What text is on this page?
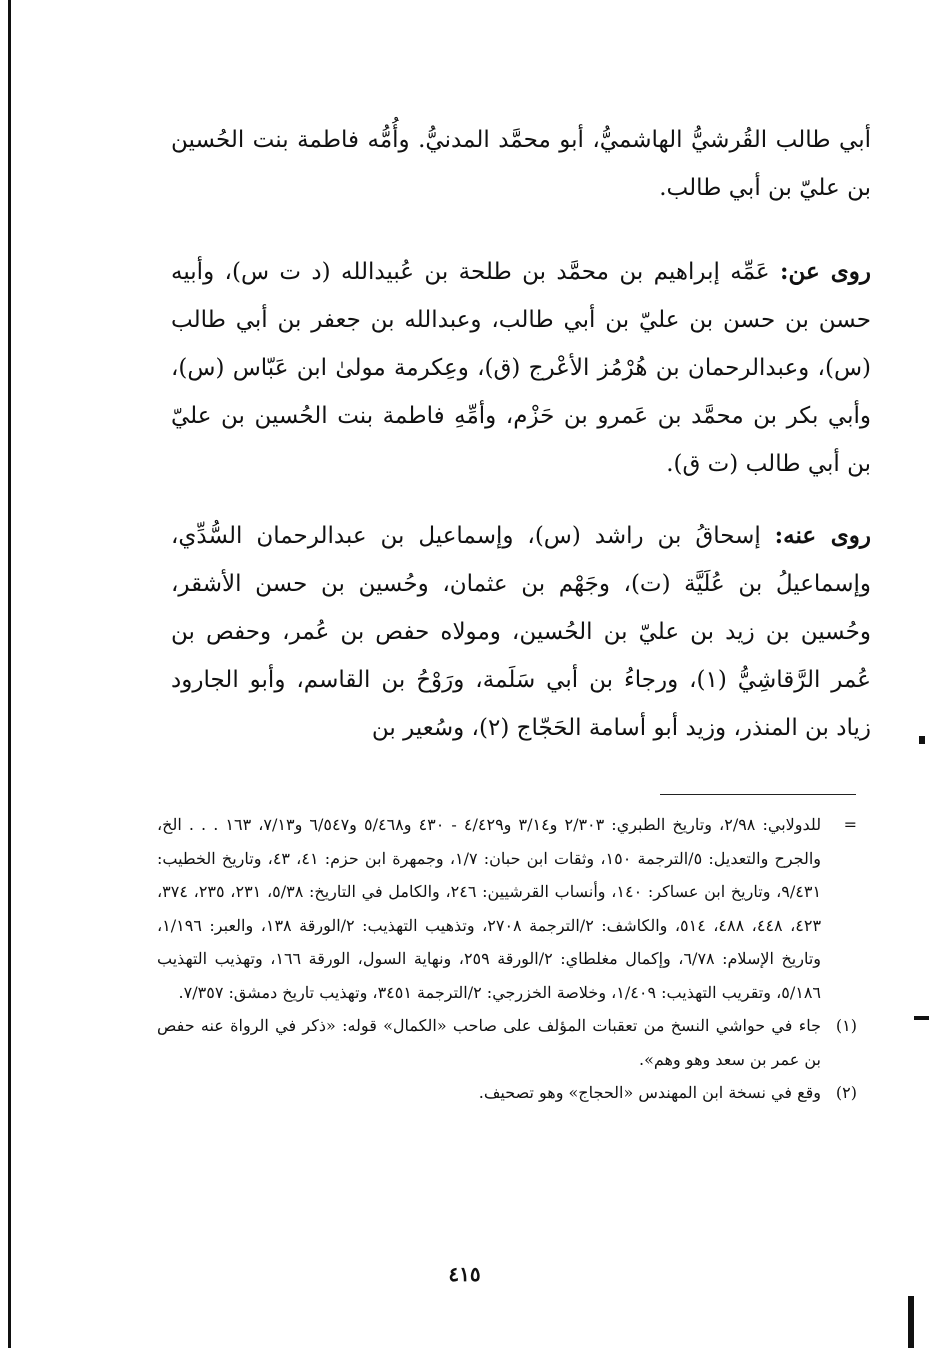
أبي طالب القُرشيُّ الهاشميُّ، أبو محمَّد المدنيُّ. وأُمُّه فاطمة بنت الحُسين بن عليّ بن أبي طالب.

روى عن: عَمِّه إبراهيم بن محمَّد بن طلحة بن عُبيدالله (د ت س)، وأبيه حسن بن حسن بن عليّ بن أبي طالب، وعبدالله بن جعفر بن أبي طالب (س)، وعبدالرحمان بن هُرْمُز الأعْرج (ق)، وعِكرمة مولىٰ ابن عَبّاس (س)، وأبي بكر بن محمَّد بن عَمرو بن حَزْم، وأمِّهِ فاطمة بنت الحُسين بن عليّ بن أبي طالب (ت ق).

روى عنه: إسحاقُ بن راشد (س)، وإسماعيل بن عبدالرحمان السُّدِّي، وإسماعيلُ بن عُلَيَّة (ت)، وجَهْم بن عثمان، وحُسين بن حسن الأشقر، وحُسين بن زيد بن عليّ بن الحُسين، ومولاه حفص بن عُمر، وحفص بن عُمر الرَّقاشِيُّ (١)، ورجاءُ بن أبي سَلَمة، ورَوْحُ بن القاسم، وأبو الجارود زياد بن المنذر، وزيد أبو أسامة الحَجّاج (٢)، وسُعير بن

=

للدولابي: ٢/٩٨، وتاريخ الطبري: ٢/٣٠٣ و٣/١٤ و٤/٤٢٩ - ٤٣٠ و٥/٤٦٨ و٦/٥٤٧ و٧/١٣، ١٦٣ . . . الخ، والجرح والتعديل: ٥/الترجمة ١٥٠، وثقات ابن حبان: ١/٧، وجمهرة ابن حزم: ٤١، ٤٣، وتاريخ الخطيب: ٩/٤٣١، وتاريخ ابن عساكر: ١٤٠، وأنساب القرشيين: ٢٤٦، والكامل في التاريخ: ٥/٣٨، ٢٣١، ٢٣٥، ٣٧٤، ٤٢٣، ٤٤٨، ٤٨٨، ٥١٤، والكاشف: ٢/الترجمة ٢٧٠٨، وتذهيب التهذيب: ٢/الورقة ١٣٨، والعبر: ١/١٩٦، وتاريخ الإسلام: ٦/٧٨، وإكمال مغلطاي: ٢/الورقة ٢٥٩، ونهاية السول، الورقة ١٦٦، وتهذيب التهذيب ٥/١٨٦، وتقريب التهذيب: ١/٤٠٩، وخلاصة الخزرجي: ٢/الترجمة ٣٤٥١، وتهذيب تاريخ دمشق: ٧/٣٥٧.

(١)

جاء في حواشي النسخ من تعقبات المؤلف على صاحب «الكمال» قوله: «ذكر في الرواة عنه حفص بن عمر بن سعد وهو وهم».

(٢)

وقع في نسخة ابن المهندس «الحجاج» وهو تصحيف.

٤١٥
